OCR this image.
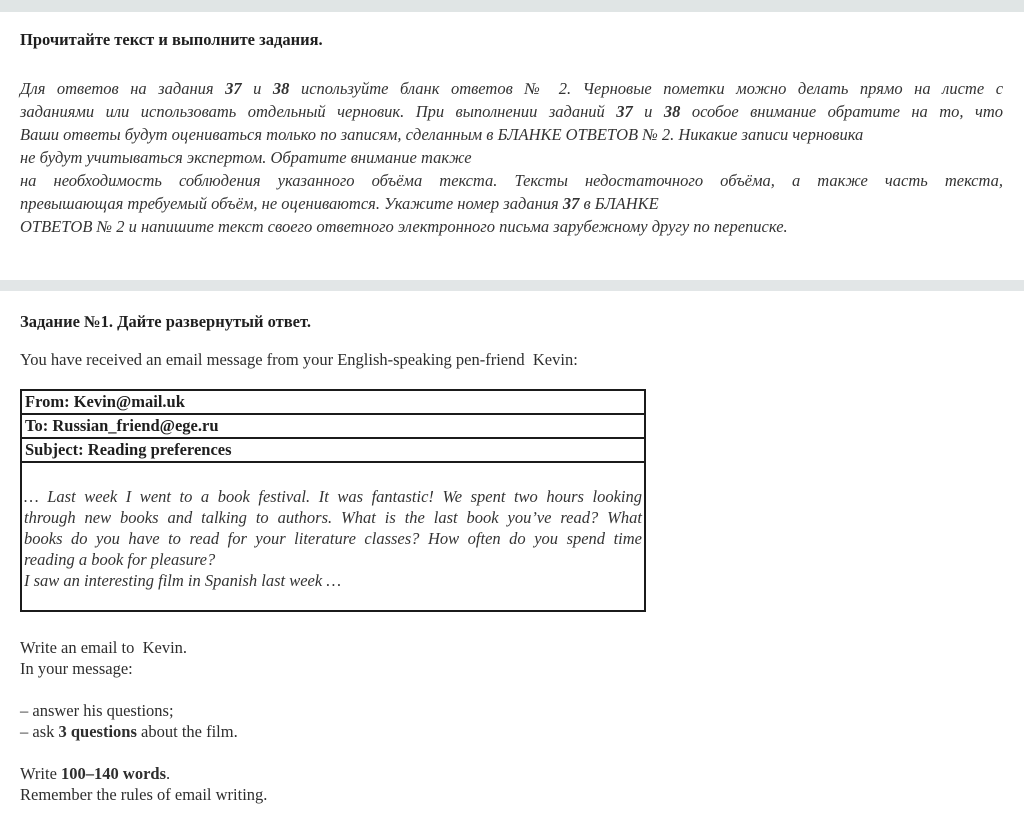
Прочитайте текст и выполните задания.
Для ответов на задания 37 и 38 используйте бланк ответов № 2. Черновые пометки можно делать прямо на листе с
заданиями или использовать отдельный черновик. При выполнении заданий 37 и 38 особое внимание обратите на то, что
Ваши ответы будут оцениваться только по записям, сделанным в БЛАНКЕ ОТВЕТОВ № 2. Никакие записи черновика
не будут учитываться экспертом. Обратите внимание также
на необходимость соблюдения указанного объёма текста. Тексты недостаточного объёма, а также часть текста,
превышающая требуемый объём, не оцениваются. Укажите номер задания 37 в БЛАНКЕ
ОТВЕТОВ № 2 и напишите текст своего ответного электронного письма зарубежному другу по переписке.
Задание №1. Дайте развернутый ответ.
You have received an email message from your English-speaking pen-friend  Kevin:
From: Kevin@mail.uk
To: Russian_friend@ege.ru
Subject: Reading preferences
… Last week I went to a book festival. It was fantastic! We spent two hours looking
through new books and talking to authors. What is the last book you’ve read? What
books do you have to read for your literature classes? How often do you spend time
reading a book for pleasure?
I saw an interesting film in Spanish last week …
Write an email to  Kevin.
In your message:

– answer his questions;
– ask 3 questions about the film.

Write 100–140 words.
Remember the rules of email writing.
